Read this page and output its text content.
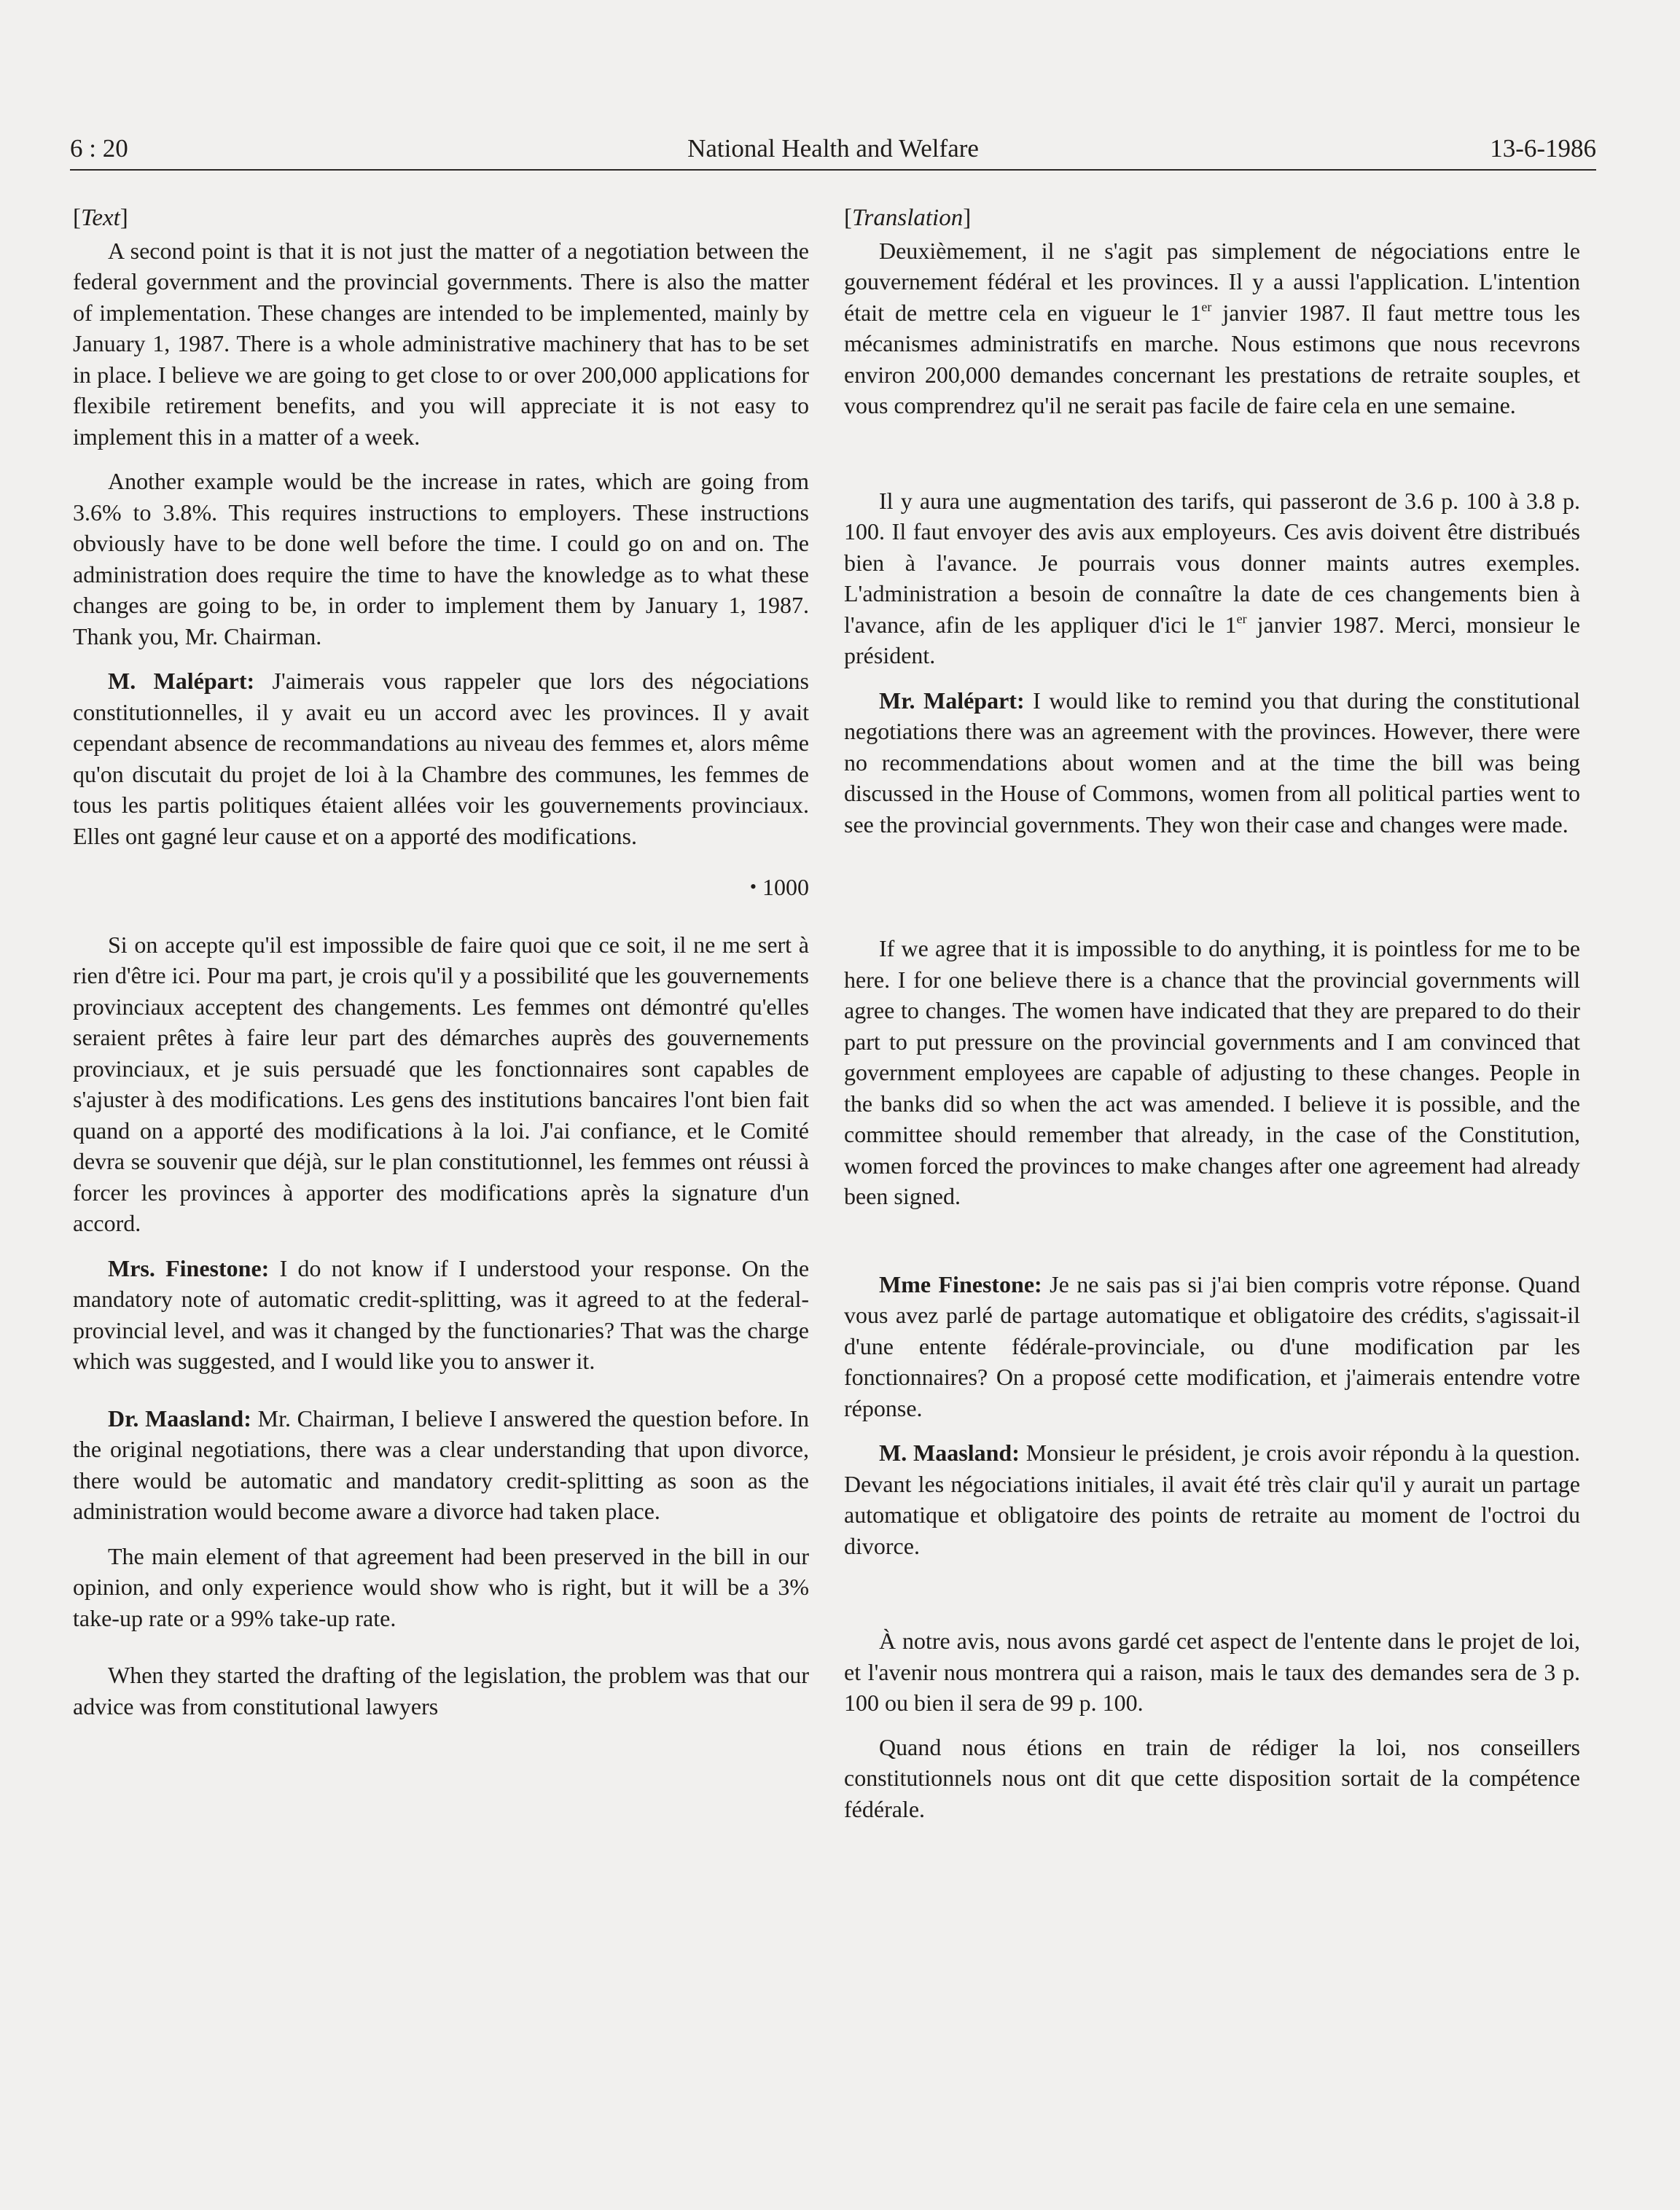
6 : 20	National Health and Welfare	13-6-1986

[Text]

A second point is that it is not just the matter of a negotiation between the federal government and the provincial governments. There is also the matter of implementation. These changes are intended to be implemented, mainly by January 1, 1987. There is a whole administrative machinery that has to be set in place. I believe we are going to get close to or over 200,000 applications for flexibile retirement benefits, and you will appreciate it is not easy to implement this in a matter of a week.

Another example would be the increase in rates, which are going from 3.6% to 3.8%. This requires instructions to employers. These instructions obviously have to be done well before the time. I could go on and on. The administration does require the time to have the knowledge as to what these changes are going to be, in order to implement them by January 1, 1987. Thank you, Mr. Chairman.

M. Malépart: J'aimerais vous rappeler que lors des négociations constitutionnelles, il y avait eu un accord avec les provinces. Il y avait cependant absence de recommandations au niveau des femmes et, alors même qu'on discutait du projet de loi à la Chambre des communes, les femmes de tous les partis politiques étaient allées voir les gouvernements provinciaux. Elles ont gagné leur cause et on a apporté des modifications.

• 1000

Si on accepte qu'il est impossible de faire quoi que ce soit, il ne me sert à rien d'être ici. Pour ma part, je crois qu'il y a possibilité que les gouvernements provinciaux acceptent des changements. Les femmes ont démontré qu'elles seraient prêtes à faire leur part des démarches auprès des gouvernements provinciaux, et je suis persuadé que les fonctionnaires sont capables de s'ajuster à des modifications. Les gens des institutions bancaires l'ont bien fait quand on a apporté des modifications à la loi. J'ai confiance, et le Comité devra se souvenir que déjà, sur le plan constitutionnel, les femmes ont réussi à forcer les provinces à apporter des modifications après la signature d'un accord.

Mrs. Finestone: I do not know if I understood your response. On the mandatory note of automatic credit-splitting, was it agreed to at the federal-provincial level, and was it changed by the functionaries? That was the charge which was suggested, and I would like you to answer it.

Dr. Maasland: Mr. Chairman, I believe I answered the question before. In the original negotiations, there was a clear understanding that upon divorce, there would be automatic and mandatory credit-splitting as soon as the administration would become aware a divorce had taken place.

The main element of that agreement had been preserved in the bill in our opinion, and only experience would show who is right, but it will be a 3% take-up rate or a 99% take-up rate.

When they started the drafting of the legislation, the problem was that our advice was from constitutional lawyers

[Translation]

Deuxièmement, il ne s'agit pas simplement de négociations entre le gouvernement fédéral et les provinces. Il y a aussi l'application. L'intention était de mettre cela en vigueur le 1er janvier 1987. Il faut mettre tous les mécanismes administratifs en marche. Nous estimons que nous recevrons environ 200,000 demandes concernant les prestations de retraite souples, et vous comprendrez qu'il ne serait pas facile de faire cela en une semaine.

Il y aura une augmentation des tarifs, qui passeront de 3.6 p. 100 à 3.8 p. 100. Il faut envoyer des avis aux employeurs. Ces avis doivent être distribués bien à l'avance. Je pourrais vous donner maints autres exemples. L'administration a besoin de connaître la date de ces changements bien à l'avance, afin de les appliquer d'ici le 1er janvier 1987. Merci, monsieur le président.

Mr. Malépart: I would like to remind you that during the constitutional negotiations there was an agreement with the provinces. However, there were no recommendations about women and at the time the bill was being discussed in the House of Commons, women from all political parties went to see the provincial governments. They won their case and changes were made.

If we agree that it is impossible to do anything, it is pointless for me to be here. I for one believe there is a chance that the provincial governments will agree to changes. The women have indicated that they are prepared to do their part to put pressure on the provincial governments and I am convinced that government employees are capable of adjusting to these changes. People in the banks did so when the act was amended. I believe it is possible, and the committee should remember that already, in the case of the Constitution, women forced the provinces to make changes after one agreement had already been signed.

Mme Finestone: Je ne sais pas si j'ai bien compris votre réponse. Quand vous avez parlé de partage automatique et obligatoire des crédits, s'agissait-il d'une entente fédérale-provinciale, ou d'une modification par les fonctionnaires? On a proposé cette modification, et j'aimerais entendre votre réponse.

M. Maasland: Monsieur le président, je crois avoir répondu à la question. Devant les négociations initiales, il avait été très clair qu'il y aurait un partage automatique et obligatoire des points de retraite au moment de l'octroi du divorce.

À notre avis, nous avons gardé cet aspect de l'entente dans le projet de loi, et l'avenir nous montrera qui a raison, mais le taux des demandes sera de 3 p. 100 ou bien il sera de 99 p. 100.

Quand nous étions en train de rédiger la loi, nos conseillers constitutionnels nous ont dit que cette disposition sortait de la compétence fédérale.
